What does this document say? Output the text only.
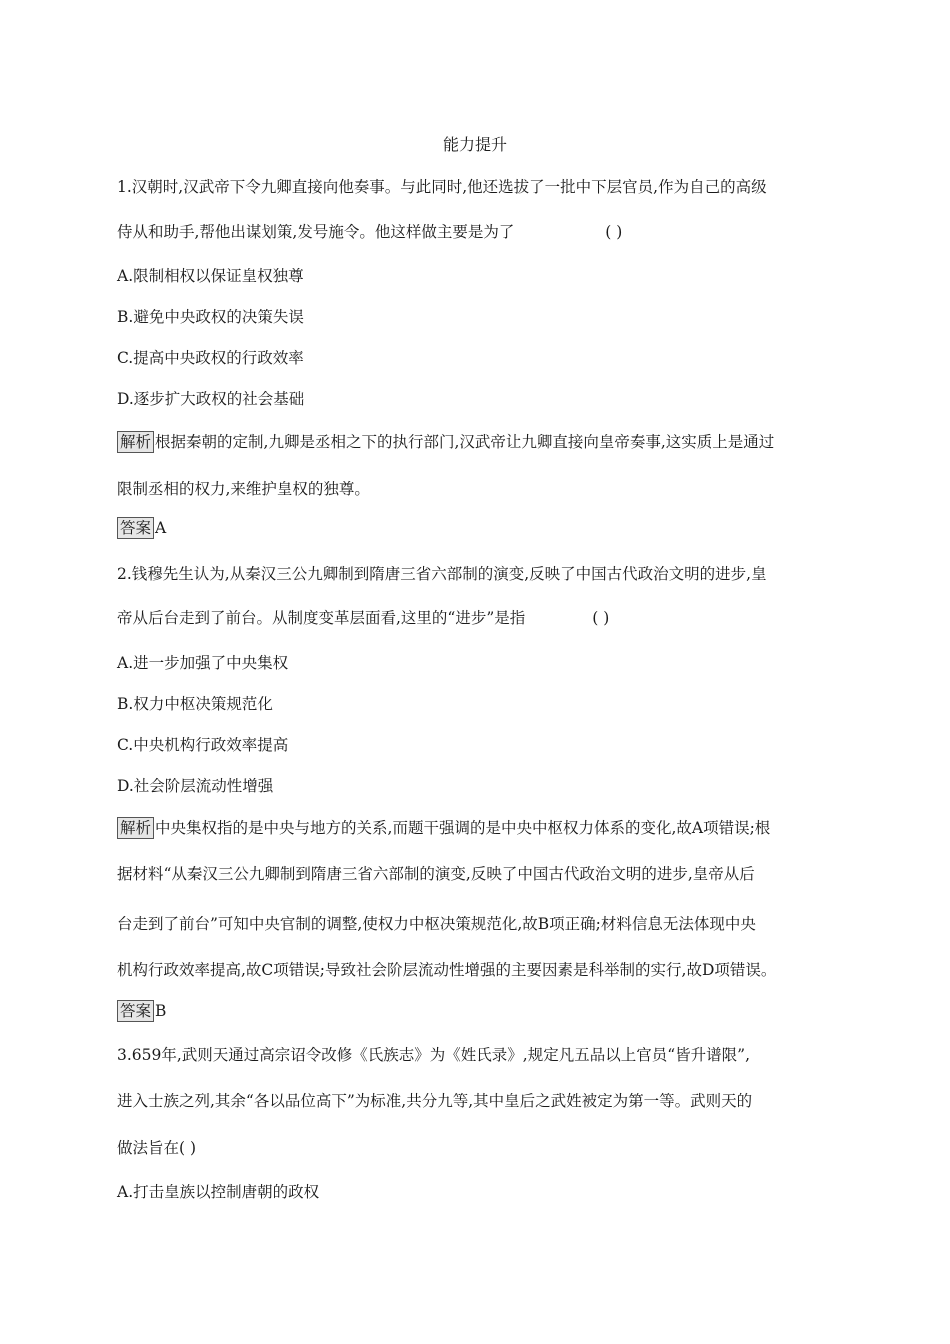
能力提升
1.汉朝时,汉武帝下令九卿直接向他奏事。与此同时,他还选拔了一批中下层官员,作为自己的高级
侍从和助手,帮他出谋划策,发号施令。他这样做主要是为了	( )
A.限制相权以保证皇权独尊
B.避免中央政权的决策失误
C.提高中央政权的行政效率
D.逐步扩大政权的社会基础
解析 根据秦朝的定制,九卿是丞相之下的执行部门,汉武帝让九卿直接向皇帝奏事,这实质上是通过
限制丞相的权力,来维护皇权的独尊。
答案 A
2.钱穆先生认为,从秦汉三公九卿制到隋唐三省六部制的演变,反映了中国古代政治文明的进步,皇
帝从后台走到了前台。从制度变革层面看,这里的“进步”是指	( )
A.进一步加强了中央集权
B.权力中枢决策规范化
C.中央机构行政效率提高
D.社会阶层流动性增强
解析 中央集权指的是中央与地方的关系,而题干强调的是中央中枢权力体系的变化,故A项错误;根
据材料“从秦汉三公九卿制到隋唐三省六部制的演变,反映了中国古代政治文明的进步,皇帝从后
台走到了前台”可知中央官制的调整,使权力中枢决策规范化,故B项正确;材料信息无法体现中央
机构行政效率提高,故C项错误;导致社会阶层流动性增强的主要因素是科举制的实行,故D项错误。
答案 B
3.659年,武则天通过高宗诏令改修《氏族志》为《姓氏录》,规定凡五品以上官员“皆升谱限”,
进入士族之列,其余“各以品位高下”为标准,共分九等,其中皇后之武姓被定为第一等。武则天的
做法旨在( )
A.打击皇族以控制唐朝的政权
